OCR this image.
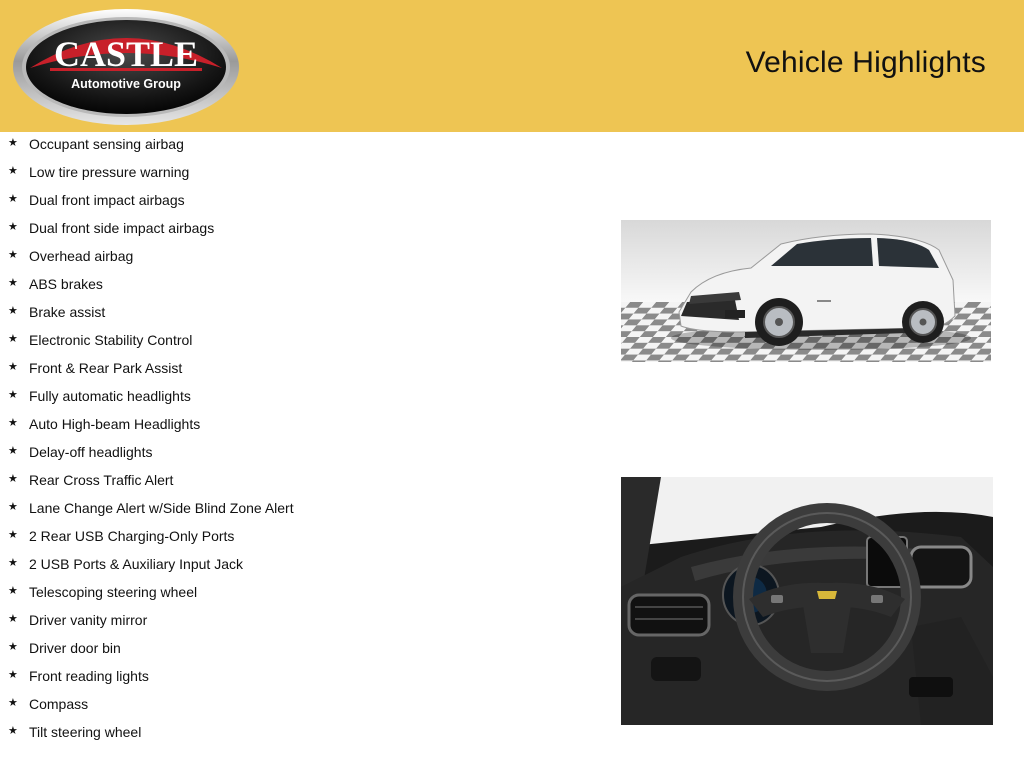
CASTLE
Automotive Group
Vehicle Highlights
★ Occupant sensing airbag
★ Low tire pressure warning
★ Dual front impact airbags
★ Dual front side impact airbags
★ Overhead airbag
★ ABS brakes
★ Brake assist
★ Electronic Stability Control
★ Front & Rear Park Assist
★ Fully automatic headlights
★ Auto High-beam Headlights
★ Delay-off headlights
★ Rear Cross Traffic Alert
★ Lane Change Alert w/Side Blind Zone Alert
★ 2 Rear USB Charging-Only Ports
★ 2 USB Ports & Auxiliary Input Jack
★ Telescoping steering wheel
★ Driver vanity mirror
★ Driver door bin
★ Front reading lights
★ Compass
★ Tilt steering wheel
